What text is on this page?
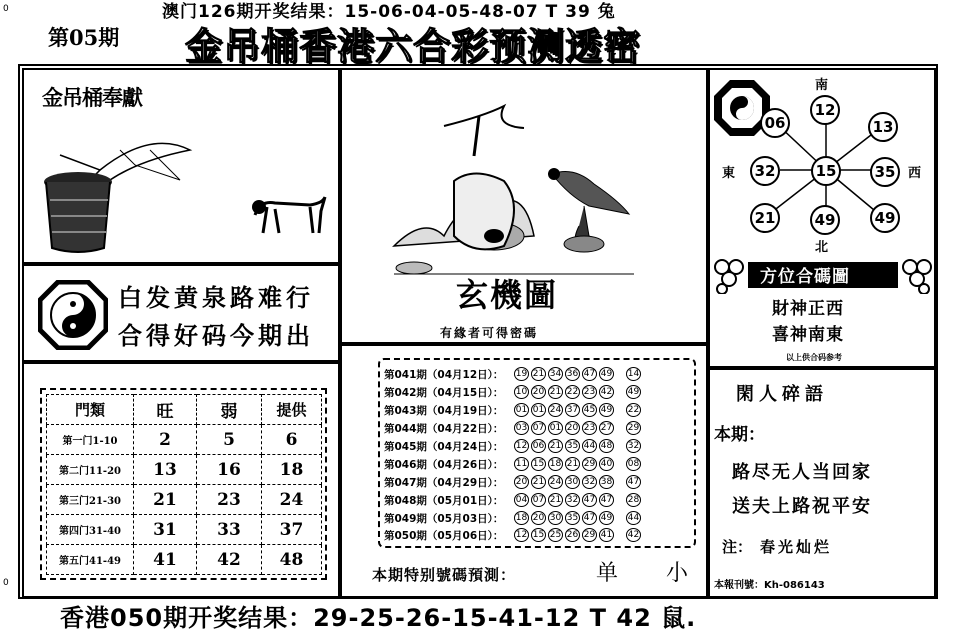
0
0
澳门126期开奖结果：15-06-04-05-48-07 T 39 兔
第05期 金吊桶香港六合彩预测透密
金吊桶奉獻
白发黄泉路难行
合得好码今期出
門類	旺	弱	提供
第一门1-10	2	5	6
第二门11-20	13	16	18
第三门21-30	21	23	24
第四门31-40	31	33	37
第五门41-49	41	42	48
玄機圖
有緣者可得密碼
第041期（04月12日）：	19 21 34 36 47 49 14
第042期（04月15日）：	10 20 21 22 23 42 49
第043期（04月19日）：	01 01 24 37 45 49 22
第044期（04月22日）：	03 07 01 20 23 27 29
第045期（04月24日）：	12 06 21 35 44 48 32
第046期（04月26日）：	11 15 18 21 29 40 08
第047期（04月29日）：	20 21 24 30 32 38 47
第048期（05月01日）：	04 07 21 32 47 47 28
第049期（05月03日）：	18 20 30 35 47 49 44
第050期（05月06日）：	12 15 25 26 29 41 42
本期特别號碼預測：	单 小
南
北
東	西
12
06	13
32	15	35
21	49	49
方位合碼圖
財神正西
喜神南東
以上供合码参考
閑人碎語
本期：
路尽无人当回家
送夫上路祝平安
注： 春光灿烂
本報刊號：Kh-086143
香港050期开奖结果：29-25-26-15-41-12 T 42 鼠.
